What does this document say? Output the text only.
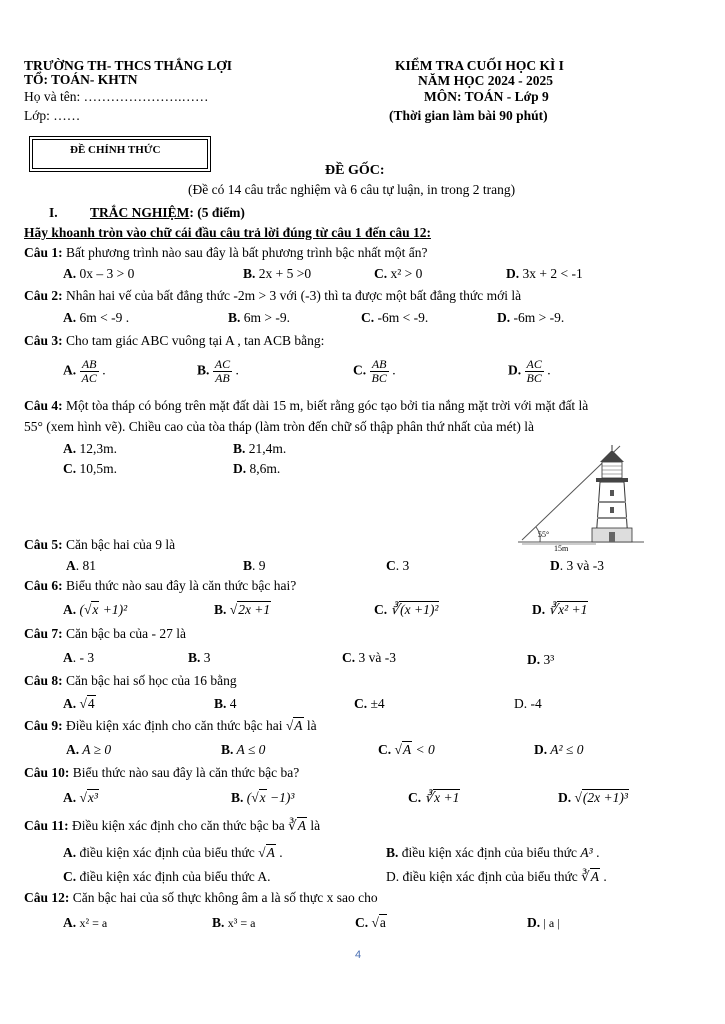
TRƯỜNG TH- THCS THẮNG LỢI
TỔ: TOÁN- KHTN
Họ và tên: ………………….……
Lớp: ……
KIỂM TRA CUỐI HỌC KÌ I
NĂM HỌC 2024 - 2025
MÔN: TOÁN - Lớp 9
(Thời gian làm bài 90 phút)
ĐỀ CHÍNH THỨC
ĐỀ GỐC:
(Đề có 14 câu trắc nghiệm và 6 câu tự luận, in trong 2 trang)
I. TRẮC NGHIỆM: (5 điểm)
Hãy khoanh tròn vào chữ cái đầu câu trả lời đúng từ câu 1 đến câu 12:
Câu 1: Bất phương trình nào sau đây là bất phương trình bậc nhất một ẩn?
A. 0x – 3 > 0	B. 2x + 5 >0	C. x² > 0	D. 3x + 2 < -1
Câu 2: Nhân hai vế của bất đẳng thức -2m > 3 với (-3) thì ta được một bất đẳng thức mới là
A. 6m < -9 .	B. 6m > -9.	C. -6m < -9.	D. -6m > -9.
Câu 3: Cho tam giác ABC vuông tại A , tan ACB bằng:
A. $\frac{AB}{AC}$ .	B. $\frac{AC}{AB}$ .	C. $\frac{AB}{BC}$ .	D. $\frac{AC}{BC}$ .
Câu 4: Một tòa tháp có bóng trên mặt đất dài 15 m, biết rằng góc tạo bởi tia nắng mặt trời với mặt đất là
55° (xem hình vẽ). Chiều cao của tòa tháp (làm tròn đến chữ số thập phân thứ nhất của mét) là
A. 12,3m.	B. 21,4m.
C. 10,5m.	D. 8,6m.
55°
15m
Câu 5: Căn bậc hai của 9 là
A. 81	B. 9	C. 3	D. 3 và -3
Câu 6: Biểu thức nào sau đây là căn thức bậc hai?
A. (√x +1)²	B. √2x +1	C. ∛(x +1)²	D. ∛x² +1
Câu 7: Căn bậc ba của - 27 là
A. - 3	B. 3	C. 3 và -3	D. 3³
Câu 8: Căn bậc hai số học của 16 bằng
A. √4	B. 4	C. ±4	D. -4
Câu 9: Điều kiện xác định cho căn thức bậc hai √A là
A. A ≥ 0	B. A ≤ 0	C. √A < 0	D. A² ≤ 0
Câu 10: Biểu thức nào sau đây là căn thức bậc ba?
A. √x³	B. (√x −1)³	C. ∛x +1	D. √(2x +1)³
Câu 11: Điều kiện xác định cho căn thức bậc ba ∛A là
A. điều kiện xác định của biểu thức √A .	B. điều kiện xác định của biểu thức A³ .
C. điều kiện xác định của biểu thức A.	D. điều kiện xác định của biểu thức ∛A .
Câu 12: Căn bậc hai của số thực không âm a là số thực x sao cho
A. x² = a	B. x³ = a	C. √a	D. | a |
4
